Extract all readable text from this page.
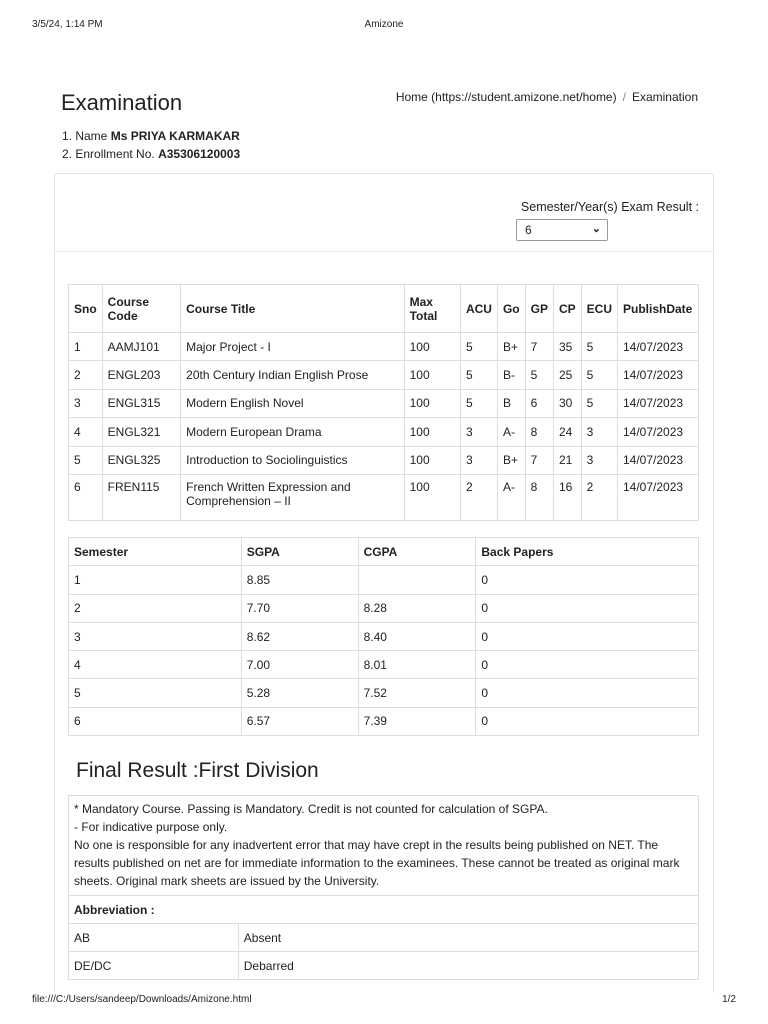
3/5/24, 1:14 PM	Amizone
Examination	Home (https://student.amizone.net/home) / Examination
1. Name Ms PRIYA KARMAKAR
2. Enrollment No. A35306120003
Semester/Year(s) Exam Result :
6	⌄
Sno	Course Code	Course Title	Max Total	ACU	Go	GP	CP	ECU	PublishDate
1	AAMJ101	Major Project - I	100	5	B+	7	35	5	14/07/2023
2	ENGL203	20th Century Indian English Prose	100	5	B-	5	25	5	14/07/2023
3	ENGL315	Modern English Novel	100	5	B	6	30	5	14/07/2023
4	ENGL321	Modern European Drama	100	3	A-	8	24	3	14/07/2023
5	ENGL325	Introduction to Sociolinguistics	100	3	B+	7	21	3	14/07/2023
6	FREN115	French Written Expression and Comprehension – II	100	2	A-	8	16	2	14/07/2023
Semester	SGPA	CGPA	Back Papers
1	8.85		0
2	7.70	8.28	0
3	8.62	8.40	0
4	7.00	8.01	0
5	5.28	7.52	0
6	6.57	7.39	0
Final Result :First Division
* Mandatory Course. Passing is Mandatory. Credit is not counted for calculation of SGPA.
- For indicative purpose only.
No one is responsible for any inadvertent error that may have crept in the results being published on NET. The results published on net are for immediate information to the examinees. These cannot be treated as original mark sheets. Original mark sheets are issued by the University.	

Abbreviation :	
AB	Absent
DE/DC	Debarred
file:///C:/Users/sandeep/Downloads/Amizone.html	1/2
